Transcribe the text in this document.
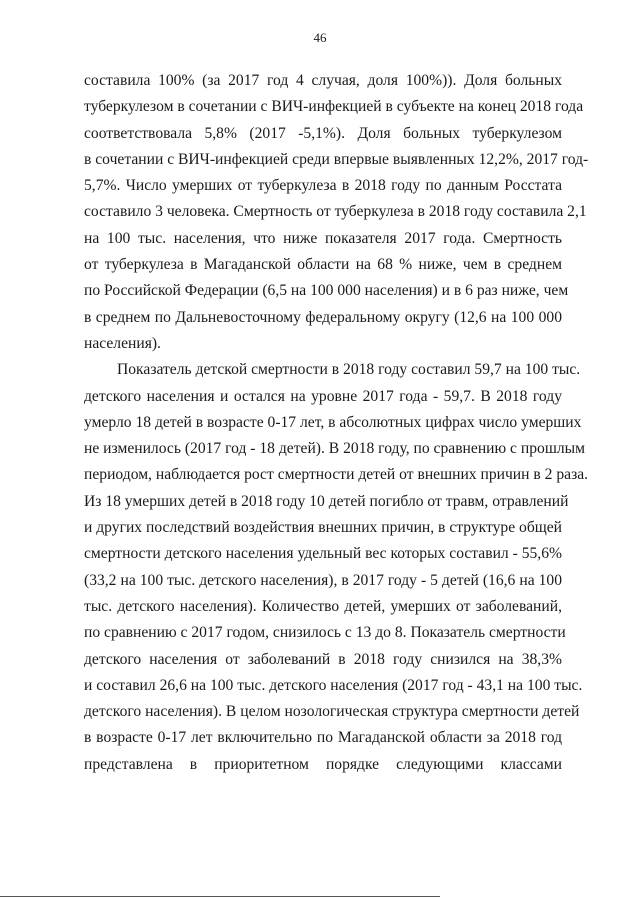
46
составила 100% (за 2017 год 4 случая, доля 100%)). Доля больных
туберкулезом в сочетании с ВИЧ-инфекцией в субъекте на конец 2018 года
соответствовала 5,8% (2017 -5,1%). Доля больных туберкулезом
в сочетании с ВИЧ-инфекцией среди впервые выявленных 12,2%, 2017 год-
5,7%. Число умерших от туберкулеза в 2018 году по данным Росстата
составило 3 человека. Смертность от туберкулеза в 2018 году составила 2,1
на 100 тыс. населения, что ниже показателя 2017 года. Смертность
от туберкулеза в Магаданской области на 68 % ниже, чем в среднем
по Российской Федерации (6,5 на 100 000 населения) и в 6 раз ниже, чем
в среднем по Дальневосточному федеральному округу (12,6 на 100 000
населения).
Показатель детской смертности в 2018 году составил 59,7 на 100 тыс.
детского населения и остался на уровне 2017 года - 59,7. В 2018 году
умерло 18 детей в возрасте 0-17 лет, в абсолютных цифрах число умерших
не изменилось (2017 год - 18 детей). В 2018 году, по сравнению с прошлым
периодом, наблюдается рост смертности детей от внешних причин в 2 раза.
Из 18 умерших детей в 2018 году 10 детей погибло от травм, отравлений
и других последствий воздействия внешних причин, в структуре общей
смертности детского населения удельный вес которых составил - 55,6%
(33,2 на 100 тыс. детского населения), в 2017 году - 5 детей (16,6 на 100
тыс. детского населения). Количество детей, умерших от заболеваний,
по сравнению с 2017 годом, снизилось с 13 до 8. Показатель смертности
детского населения от заболеваний в 2018 году снизился на 38,3%
и составил 26,6 на 100 тыс. детского населения (2017 год - 43,1 на 100 тыс.
детского населения). В целом нозологическая структура смертности детей
в возрасте 0-17 лет включительно по Магаданской области за 2018 год
представлена в приоритетном порядке следующими классами
